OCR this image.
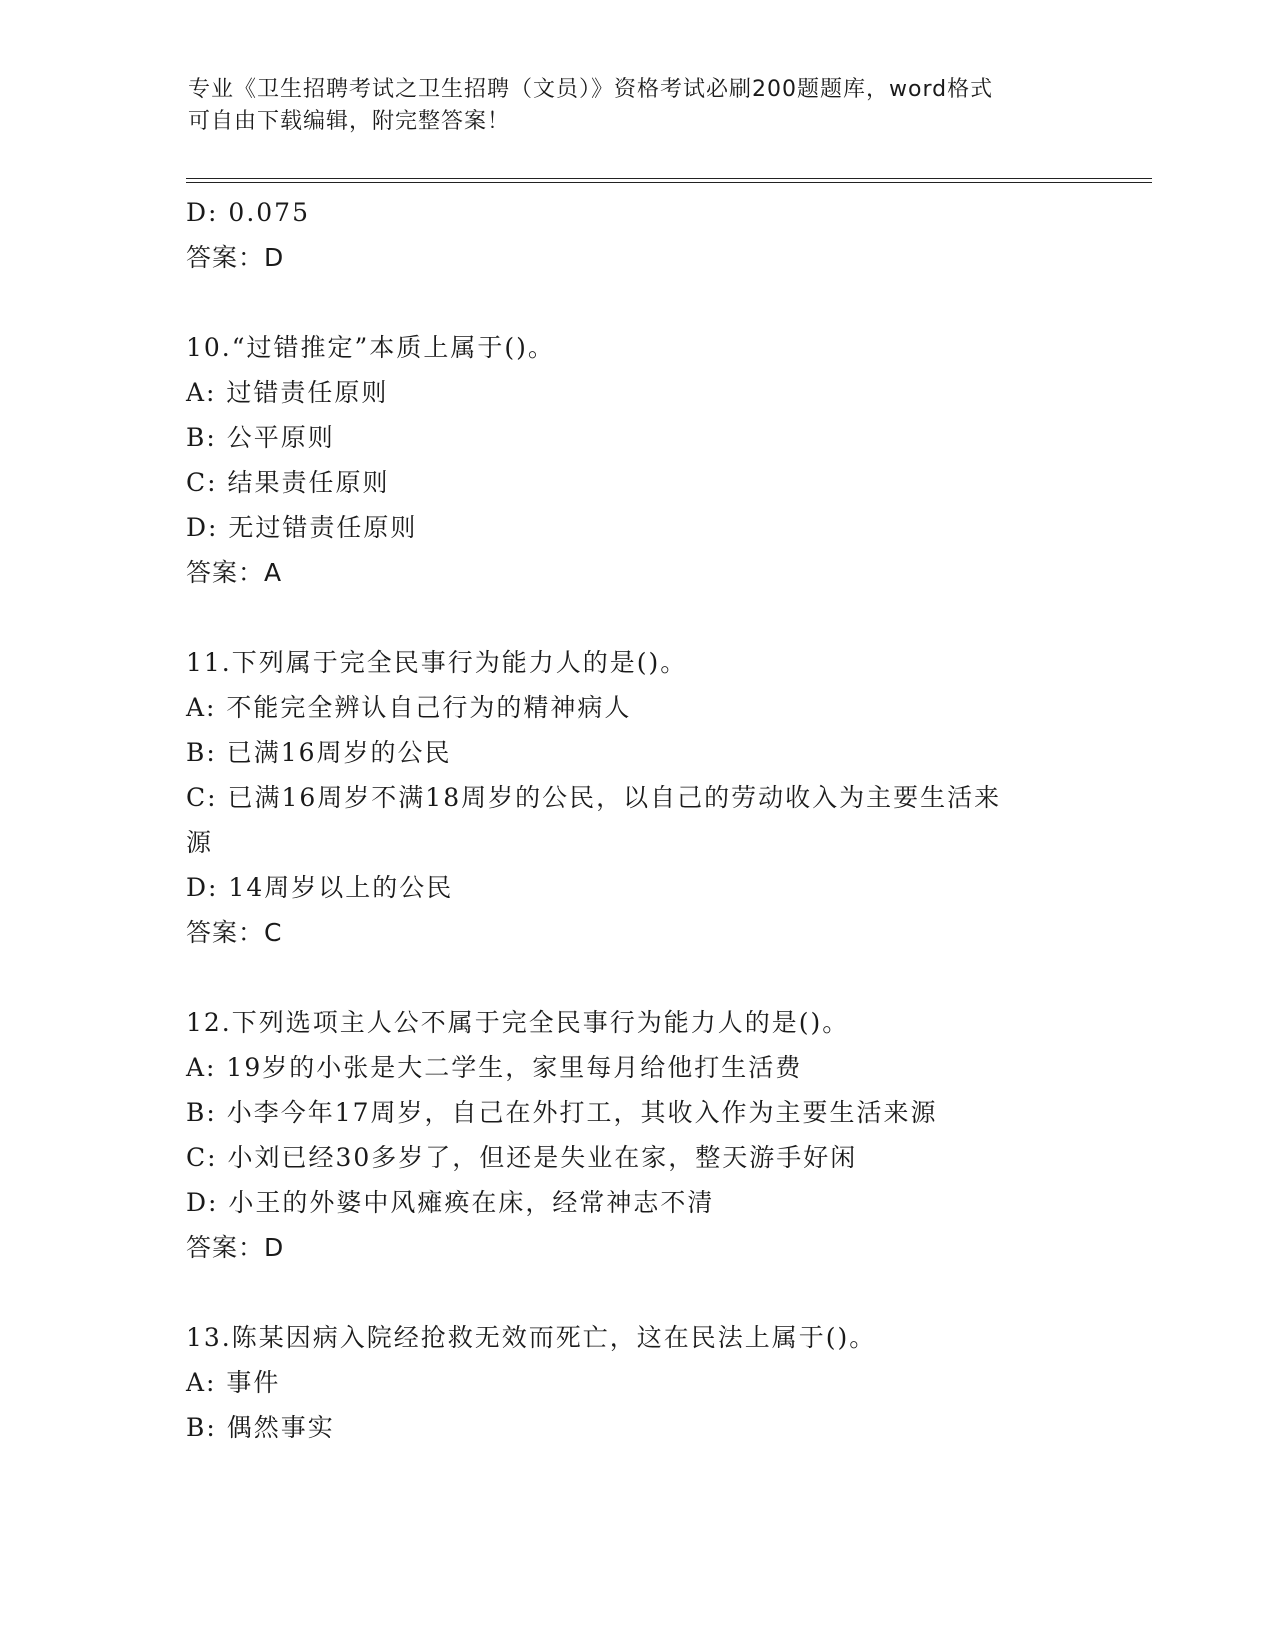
专业《卫生招聘考试之卫生招聘（文员）》资格考试必刷200题题库，word格式
可自由下载编辑，附完整答案！
D: 0.075
答案：D
10.“过错推定”本质上属于()。
A: 过错责任原则
B: 公平原则
C: 结果责任原则
D: 无过错责任原则
答案：A
11.下列属于完全民事行为能力人的是()。
A: 不能完全辨认自己行为的精神病人
B: 已满16周岁的公民
C: 已满16周岁不满18周岁的公民，以自己的劳动收入为主要生活来
源
D: 14周岁以上的公民
答案：C
12.下列选项主人公不属于完全民事行为能力人的是()。
A: 19岁的小张是大二学生，家里每月给他打生活费
B: 小李今年17周岁，自己在外打工，其收入作为主要生活来源
C: 小刘已经30多岁了，但还是失业在家，整天游手好闲
D: 小王的外婆中风瘫痪在床，经常神志不清
答案：D
13.陈某因病入院经抢救无效而死亡，这在民法上属于()。
A: 事件
B: 偶然事实
